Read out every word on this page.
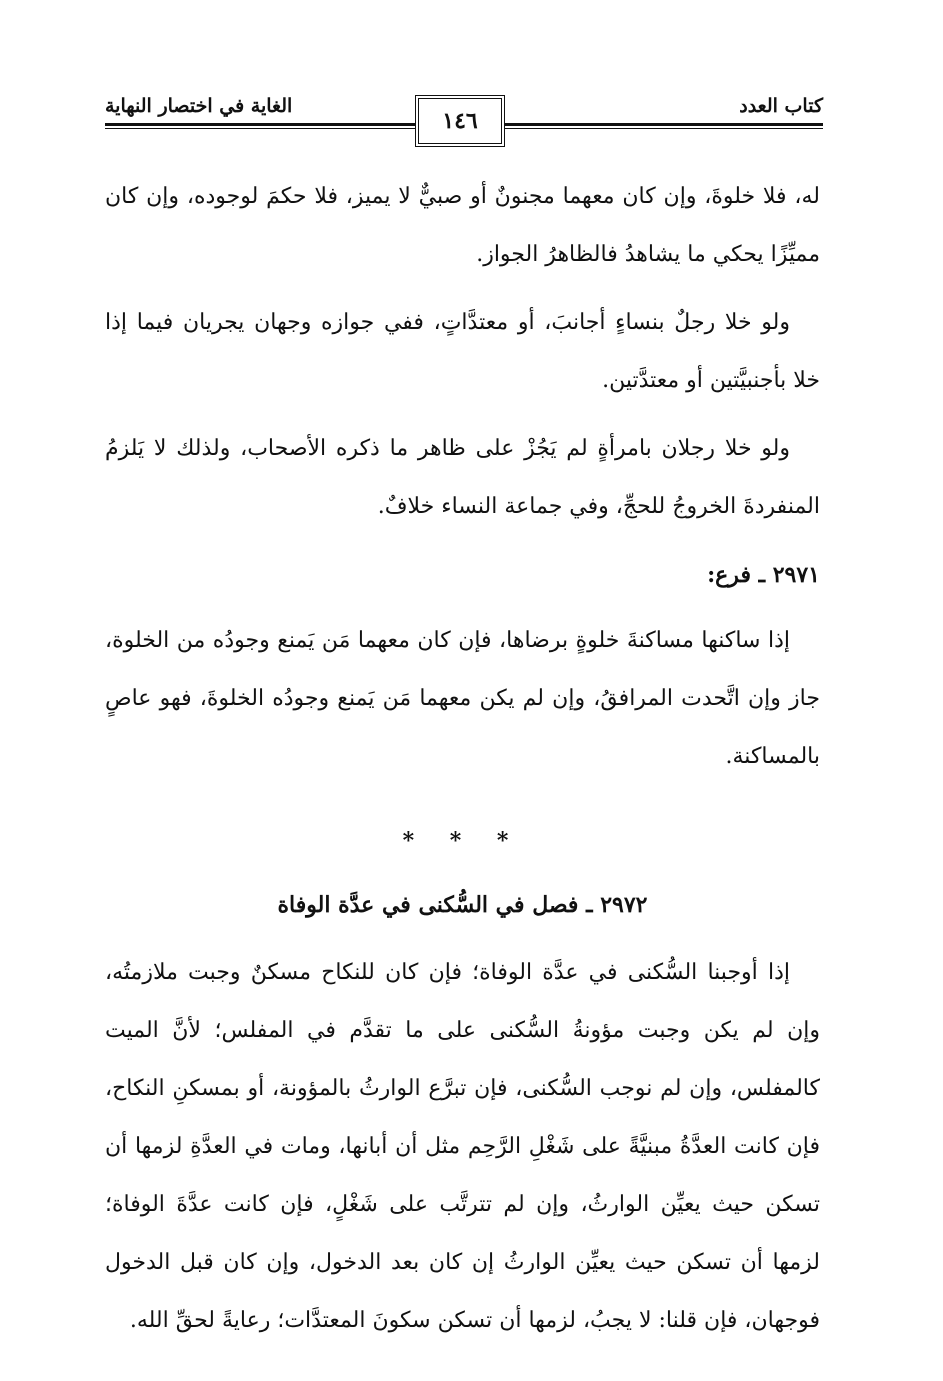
كتاب العدد
الغاية في اختصار النهاية
١٤٦

له، فلا خلوةَ، وإن كان معهما مجنونٌ أو صبيٌّ لا يميز، فلا حكمَ لوجوده، وإن كان مميِّزًا يحكي ما يشاهدُ فالظاهرُ الجواز.

ولو خلا رجلٌ بنساءٍ أجانبَ، أو معتدَّاتٍ، ففي جوازه وجهان يجريان فيما إذا خلا بأجنبيَّتين أو معتدَّتين.

ولو خلا رجلان بامرأةٍ لم يَجُزْ على ظاهر ما ذكره الأصحاب، ولذلك لا يَلزمُ المنفردةَ الخروجُ للحجِّ، وفي جماعة النساء خلافٌ.

٢٩٧١ ـ فرع:

إذا ساكنها مساكنةَ خلوةٍ برضاها، فإن كان معهما مَن يَمنع وجودُه من الخلوة، جاز وإن اتَّحدت المرافقُ، وإن لم يكن معهما مَن يَمنع وجودُه الخلوةَ، فهو عاصٍ بالمساكنة.

* * *
٢٩٧٢ ـ فصل في السُّكنى في عدَّة الوفاة

إذا أوجبنا السُّكنى في عدَّة الوفاة؛ فإن كان للنكاح مسكنٌ وجبت ملازمتُه، وإن لم يكن وجبت مؤونةُ السُّكنى على ما تقدَّم في المفلس؛ لأنَّ الميت كالمفلس، وإن لم نوجب السُّكنى، فإن تبرَّع الوارثُ بالمؤونة، أو بمسكنِ النكاح، فإن كانت العدَّةُ مبنيَّةً على شَغْلِ الرَّحِم مثل أن أبانها، ومات في العدَّةِ لزمها أن تسكن حيث يعيِّن الوارثُ، وإن لم تترتَّب على شَغْلٍ، فإن كانت عدَّةَ الوفاة؛ لزمها أن تسكن حيث يعيِّن الوارثُ إن كان بعد الدخول، وإن كان قبل الدخول فوجهان، فإن قلنا: لا يجبُ، لزمها أن تسكن سكونَ المعتدَّات؛ رعايةً لحقِّ الله.
